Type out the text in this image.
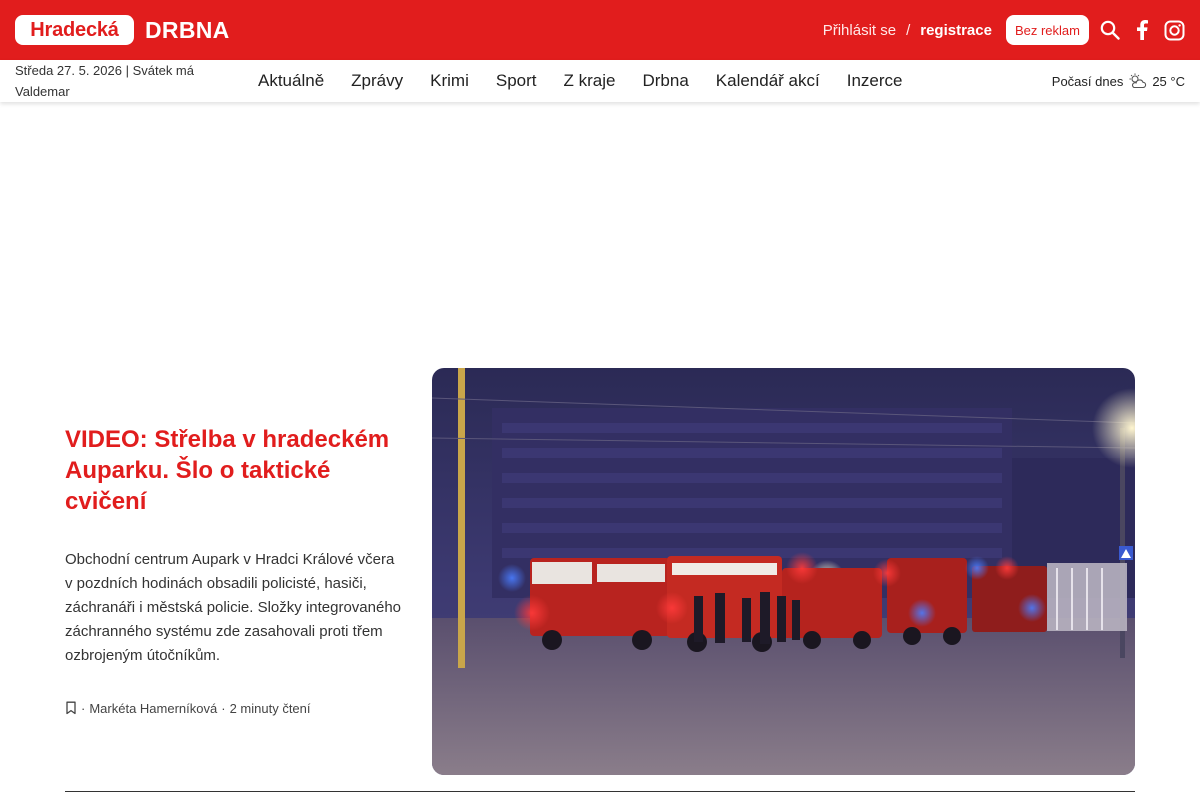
Hradecká	DRBNA	Přihlásit se / registrace	Bez reklam
Středa 27. 5. 2026 | Svátek má Valdemar
Aktuálně Zprávy Krimi Sport Z kraje Drbna Kalendář akcí Inzerce	Počasí dnes 25 °C
VIDEO: Střelba v hradeckém Auparku. Šlo o taktické cvičení

Obchodní centrum Aupark v Hradci Králové včera v pozdních hodinách obsadili policisté, hasiči, záchranáři i městská policie. Složky integrovaného záchranného systému zde zasahovali proti třem ozbrojeným útočníkům.

· Markéta Hamerníková · 2 minuty čtení
